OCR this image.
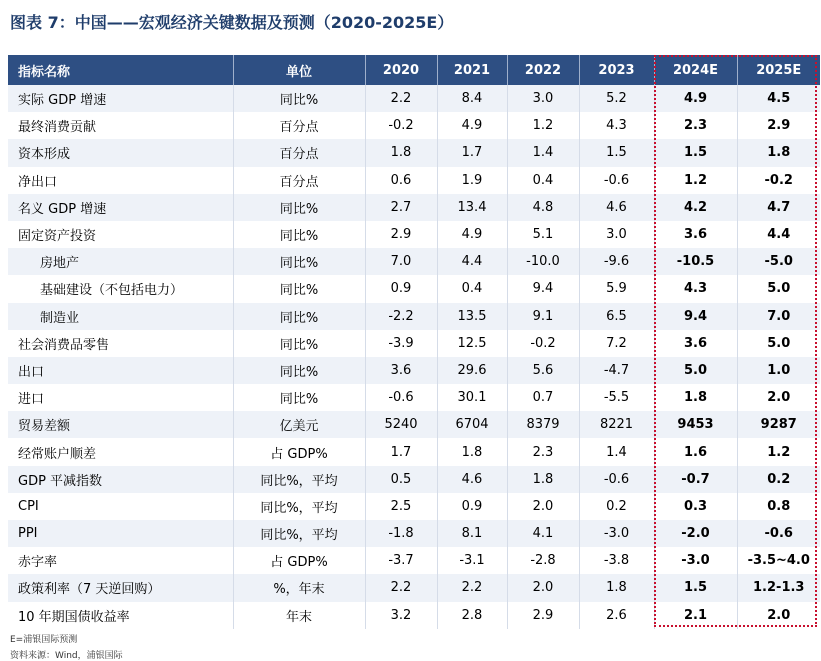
图表 7：中国——宏观经济关键数据及预测（2020-2025E）
指标名称	单位	2020	2021	2022	2023	2024E	2025E
实际 GDP 增速	同比%	2.2	8.4	3.0	5.2	4.9	4.5
最终消费贡献	百分点	-0.2	4.9	1.2	4.3	2.3	2.9
资本形成	百分点	1.8	1.7	1.4	1.5	1.5	1.8
净出口	百分点	0.6	1.9	0.4	-0.6	1.2	-0.2
名义 GDP 增速	同比%	2.7	13.4	4.8	4.6	4.2	4.7
固定资产投资	同比%	2.9	4.9	5.1	3.0	3.6	4.4
房地产	同比%	7.0	4.4	-10.0	-9.6	-10.5	-5.0
基础建设（不包括电力）	同比%	0.9	0.4	9.4	5.9	4.3	5.0
制造业	同比%	-2.2	13.5	9.1	6.5	9.4	7.0
社会消费品零售	同比%	-3.9	12.5	-0.2	7.2	3.6	5.0
出口	同比%	3.6	29.6	5.6	-4.7	5.0	1.0
进口	同比%	-0.6	30.1	0.7	-5.5	1.8	2.0
贸易差额	亿美元	5240	6704	8379	8221	9453	9287
经常账户顺差	占 GDP%	1.7	1.8	2.3	1.4	1.6	1.2
GDP 平减指数	同比%，平均	0.5	4.6	1.8	-0.6	-0.7	0.2
CPI	同比%，平均	2.5	0.9	2.0	0.2	0.3	0.8
PPI	同比%，平均	-1.8	8.1	4.1	-3.0	-2.0	-0.6
赤字率	占 GDP%	-3.7	-3.1	-2.8	-3.8	-3.0	-3.5~4.0
政策利率（7 天逆回购）	%，年末	2.2	2.2	2.0	1.8	1.5	1.2-1.3
10 年期国债收益率	年末	3.2	2.8	2.9	2.6	2.1	2.0
E=浦银国际预测
资料来源：Wind，浦银国际
